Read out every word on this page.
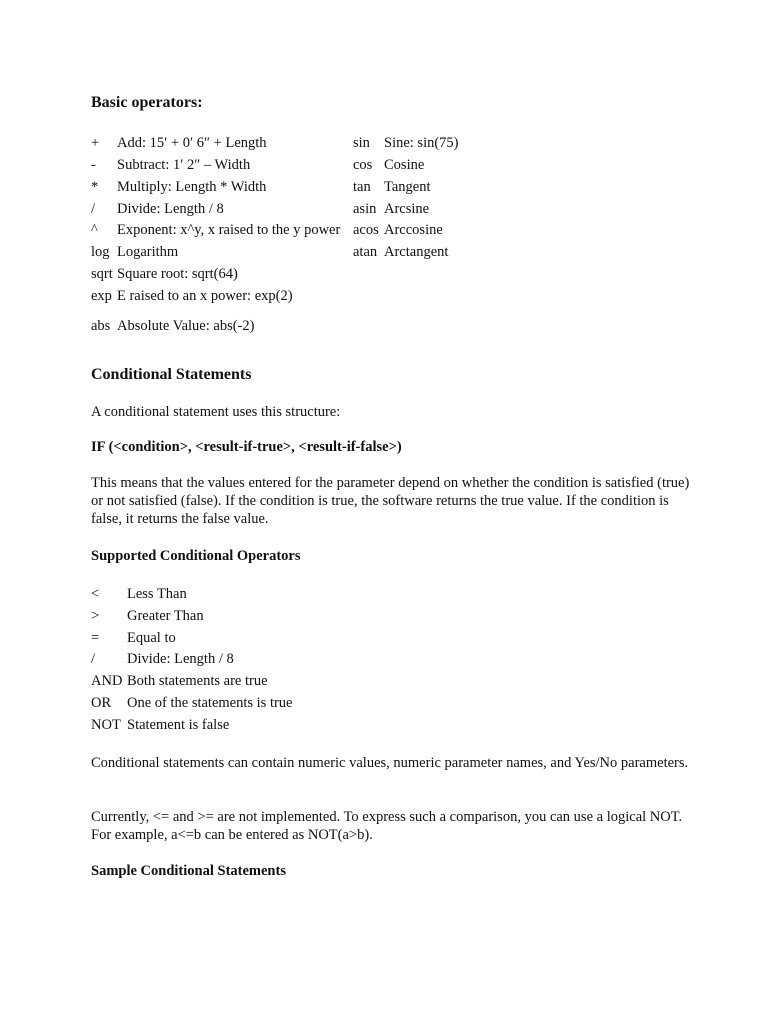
Basic operators:
+ Add: 15′ + 0′ 6″ + Length
- Subtract: 1′ 2″ – Width
* Multiply: Length * Width
/ Divide: Length / 8
^ Exponent: x^y, x raised to the y power
log Logarithm
sqrt Square root: sqrt(64)
exp E raised to an x power: exp(2)
abs Absolute Value: abs(-2)
sin Sine: sin(75)
cos Cosine
tan Tangent
asin Arcsine
acos Arccosine
atan Arctangent
Conditional Statements
A conditional statement uses this structure:
IF (<condition>, <result-if-true>, <result-if-false>)
This means that the values entered for the parameter depend on whether the condition is satisfied (true) or not satisfied (false). If the condition is true, the software returns the true value. If the condition is false, it returns the false value.
Supported Conditional Operators
< Less Than
> Greater Than
= Equal to
/ Divide: Length / 8
AND Both statements are true
OR One of the statements is true
NOT Statement is false
Conditional statements can contain numeric values, numeric parameter names, and Yes/No parameters.
Currently, <= and >= are not implemented. To express such a comparison, you can use a logical NOT. For example, a<=b can be entered as NOT(a>b).
Sample Conditional Statements
